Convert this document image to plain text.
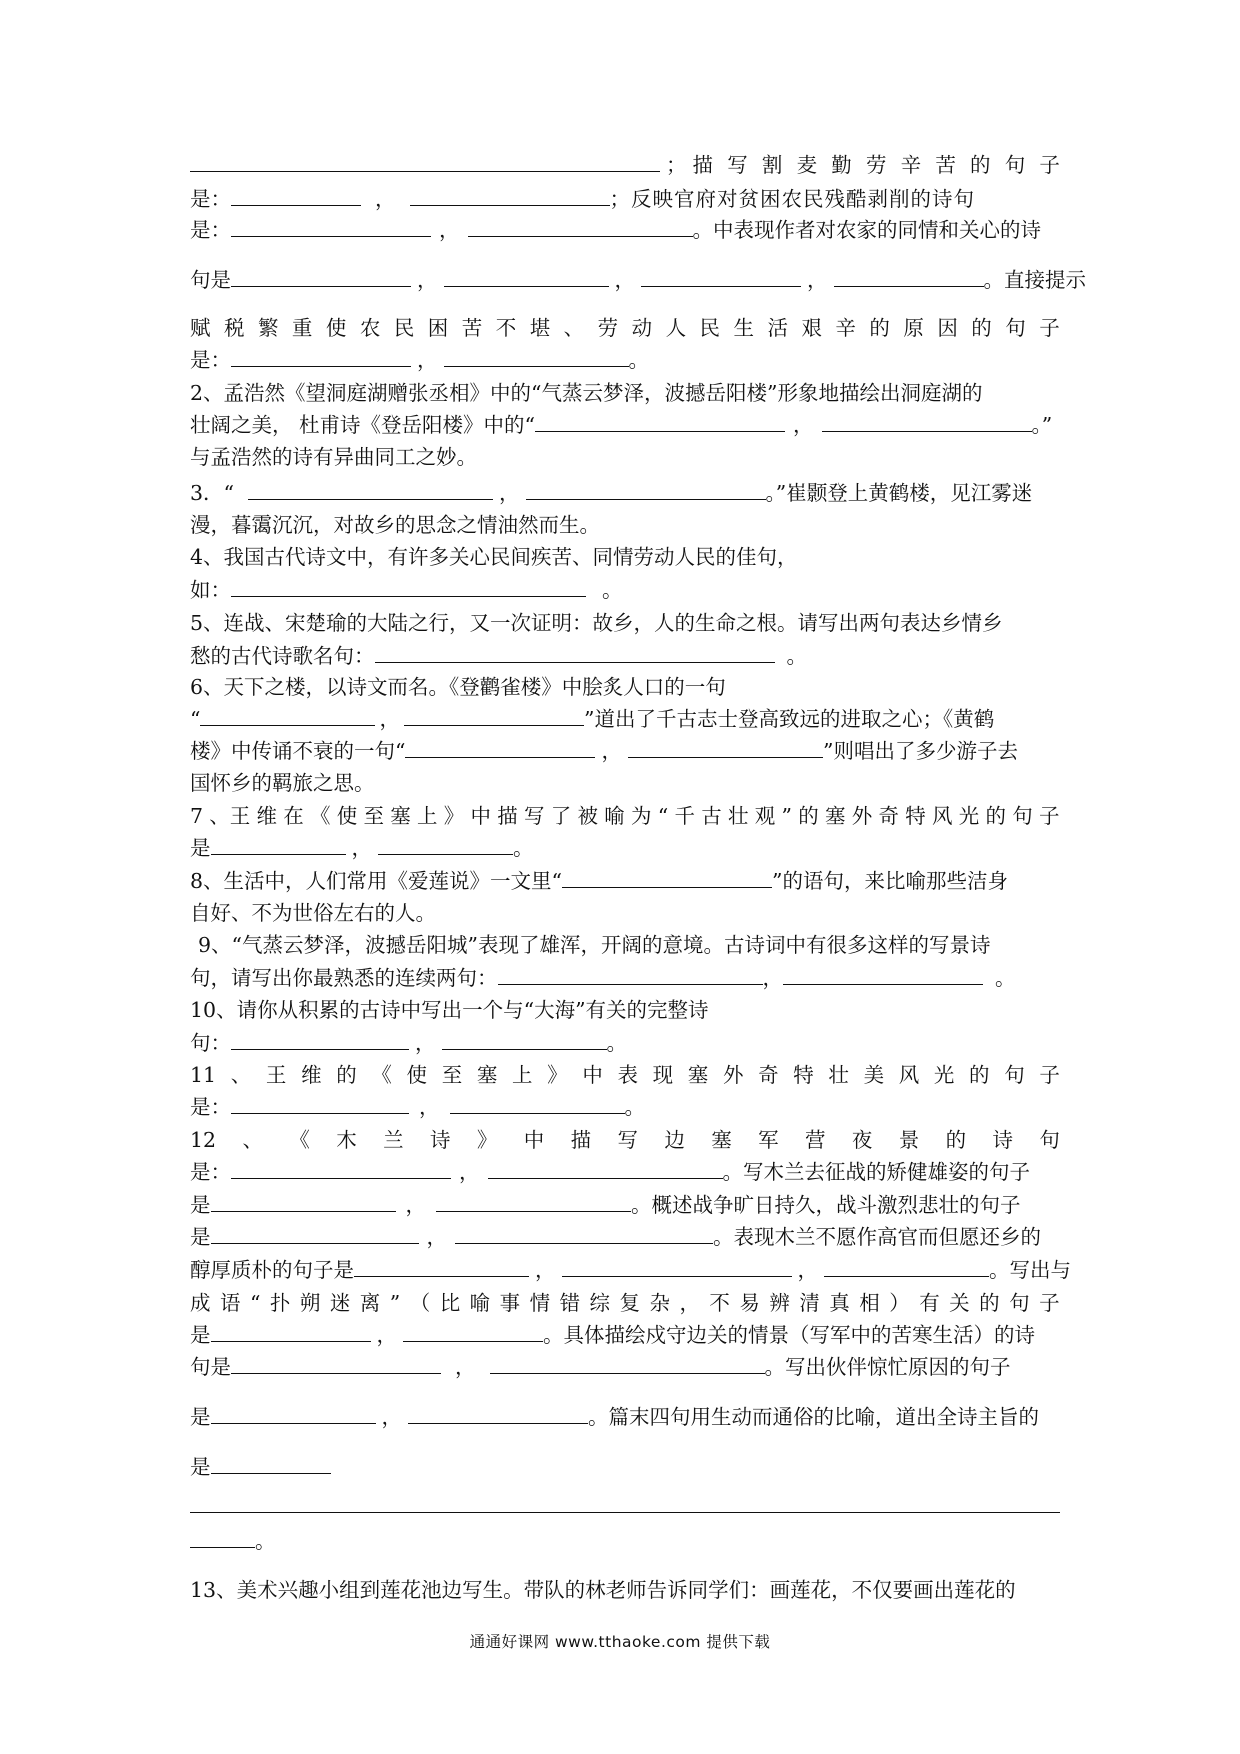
； 描 写 割 麦 勤 劳 辛 苦 的 句 子
是：	，	；反映官府对贫困农民残酷剥削的诗句
是：	，	。中表现作者对农家的同情和关心的诗
句是	，	，	，	。直接提示
赋 税 繁 重 使 农 民 困 苦 不 堪 、 劳 动 人 民 生 活 艰 辛 的 原 因 的 句 子
是：	，	。
2、孟浩然《望洞庭湖赠张丞相》中的“气蒸云梦泽，波撼岳阳楼”形象地描绘出洞庭湖的
壮阔之美， 杜甫诗《登岳阳楼》中的“	，	。”
与孟浩然的诗有异曲同工之妙。
3．“	，	。”崔颢登上黄鹤楼，见江雾迷
漫，暮霭沉沉，对故乡的思念之情油然而生。
4、我国古代诗文中，有许多关心民间疾苦、同情劳动人民的佳句，
如：	。
5、连战、宋楚瑜的大陆之行，又一次证明：故乡，人的生命之根。请写出两句表达乡情乡
愁的古代诗歌名句：	。
6、天下之楼，以诗文而名。《登鹳雀楼》中脍炙人口的一句
“	，	”道出了千古志士登高致远的进取之心；《黄鹤
楼》中传诵不衰的一句“	，	”则唱出了多少游子去
国怀乡的羁旅之思。
7 、王 维 在 《 使 至 塞 上 》 中 描 写 了 被 喻 为 “ 千 古 壮 观 ” 的 塞 外 奇 特 风 光 的 句 子
是	，	。
8、生活中，人们常用《爱莲说》一文里“	”的语句，来比喻那些洁身
自好、不为世俗左右的人。
9、“气蒸云梦泽，波撼岳阳城”表现了雄浑，开阔的意境。古诗词中有很多这样的写景诗
句，请写出你最熟悉的连续两句：	，	。
10、请你从积累的古诗中写出一个与“大海”有关的完整诗
句：	，	。
11 、 王 维 的 《 使 至 塞 上 》 中 表 现 塞 外 奇 特 壮 美 风 光 的 句 子
是：	，	。
12 、 《 木 兰 诗 》 中 描 写 边 塞 军 营 夜 景 的 诗 句
是：	，	。写木兰去征战的矫健雄姿的句子
是	，	。概述战争旷日持久，战斗激烈悲壮的句子
是	，	。表现木兰不愿作高官而但愿还乡的
醇厚质朴的句子是	，	，	。写出与
成 语 “ 扑 朔 迷 离 ” （ 比 喻 事 情 错 综 复 杂 ， 不 易 辨 清 真 相 ） 有 关 的 句 子
是	，	。具体描绘戍守边关的情景（写军中的苦寒生活）的诗
句是	，	。写出伙伴惊忙原因的句子
是	，	。篇末四句用生动而通俗的比喻，道出全诗主旨的
是
。
13、美术兴趣小组到莲花池边写生。带队的林老师告诉同学们：画莲花，不仅要画出莲花的
通通好课网 www.tthaoke.com 提供下载
